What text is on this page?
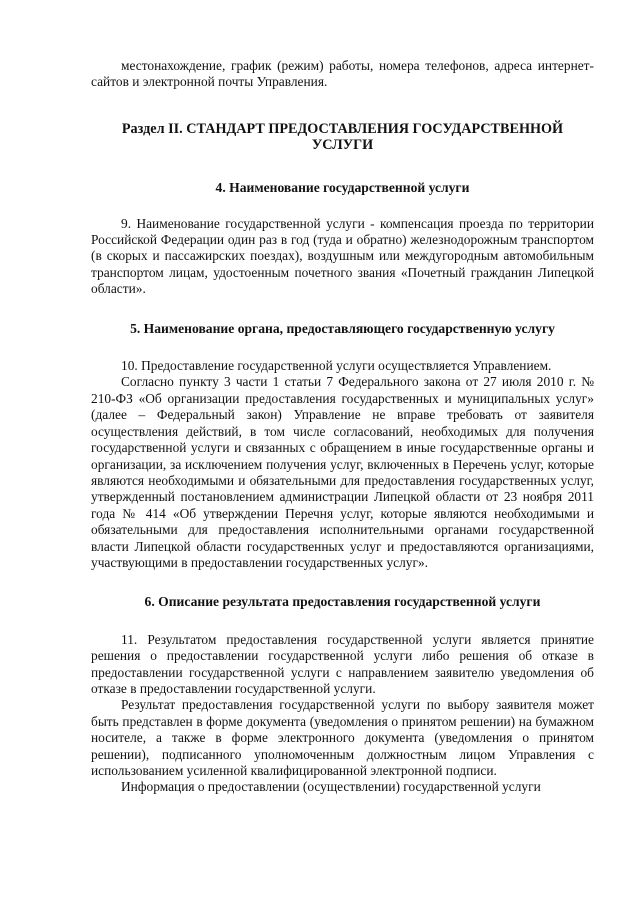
местонахождение, график (режим) работы, номера телефонов, адреса интернет-сайтов и электронной почты Управления.

Раздел II. СТАНДАРТ ПРЕДОСТАВЛЕНИЯ ГОСУДАРСТВЕННОЙ УСЛУГИ
4. Наименование государственной услуги

9. Наименование государственной услуги - компенсация проезда по территории Российской Федерации один раз в год (туда и обратно) железнодорожным транспортом (в скорых и пассажирских поездах), воздушным или междугородным автомобильным транспортом лицам, удостоенным почетного звания «Почетный гражданин Липецкой области».

5. Наименование органа, предоставляющего государственную услугу

10. Предоставление государственной услуги осуществляется Управлением.

Согласно пункту 3 части 1 статьи 7 Федерального закона от 27 июля 2010 г. № 210-ФЗ «Об организации предоставления государственных и муниципальных услуг» (далее – Федеральный закон) Управление не вправе требовать от заявителя осуществления действий, в том числе согласований, необходимых для получения государственной услуги и связанных с обращением в иные государственные органы и организации, за исключением получения услуг, включенных в Перечень услуг, которые являются необходимыми и обязательными для предоставления государственных услуг, утвержденный постановлением администрации Липецкой области от 23 ноября 2011 года № 414 «Об утверждении Перечня услуг, которые являются необходимыми и обязательными для предоставления исполнительными органами государственной власти Липецкой области государственных услуг и предоставляются организациями, участвующими в предоставлении государственных услуг».

6. Описание результата предоставления государственной услуги

11. Результатом предоставления государственной услуги является принятие решения о предоставлении государственной услуги либо решения об отказе в предоставлении государственной услуги с направлением заявителю уведомления об отказе в предоставлении государственной услуги.

Результат предоставления государственной услуги по выбору заявителя может быть представлен в форме документа (уведомления о принятом решении) на бумажном носителе, а также в форме электронного документа (уведомления о принятом решении), подписанного уполномоченным должностным лицом Управления с использованием усиленной квалифицированной электронной подписи.

Информация о предоставлении (осуществлении) государственной услуги
